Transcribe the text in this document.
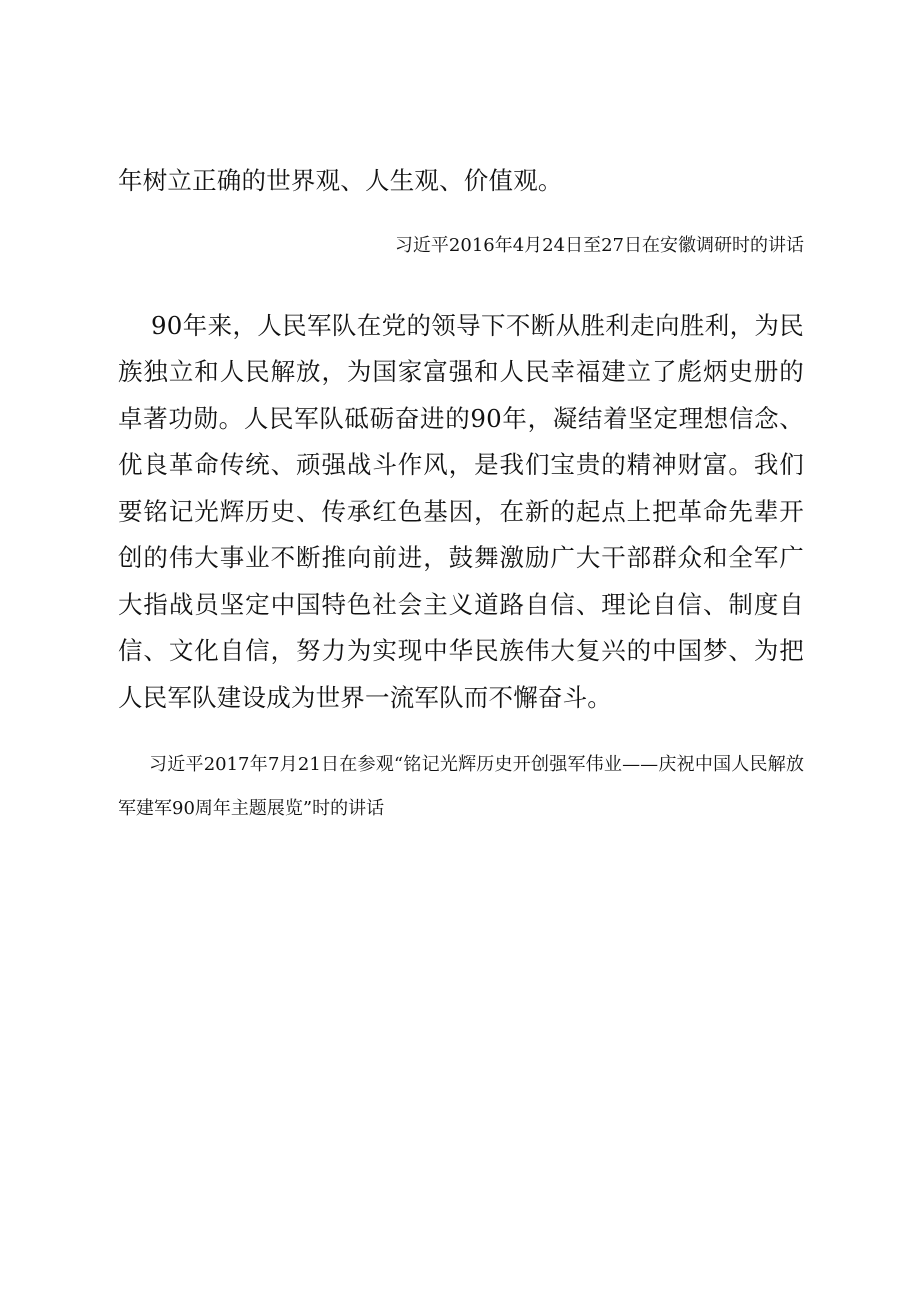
年树立正确的世界观、人生观、价值观。

习近平2016年4月24日至27日在安徽调研时的讲话

90年来，人民军队在党的领导下不断从胜利走向胜利，为民族独立和人民解放，为国家富强和人民幸福建立了彪炳史册的卓著功勋。人民军队砥砺奋进的90年，凝结着坚定理想信念、优良革命传统、顽强战斗作风，是我们宝贵的精神财富。我们要铭记光辉历史、传承红色基因，在新的起点上把革命先辈开创的伟大事业不断推向前进，鼓舞激励广大干部群众和全军广大指战员坚定中国特色社会主义道路自信、理论自信、制度自信、文化自信，努力为实现中华民族伟大复兴的中国梦、为把人民军队建设成为世界一流军队而不懈奋斗。

习近平2017年7月21日在参观“铭记光辉历史开创强军伟业——庆祝中国人民解放军建军90周年主题展览”时的讲话
